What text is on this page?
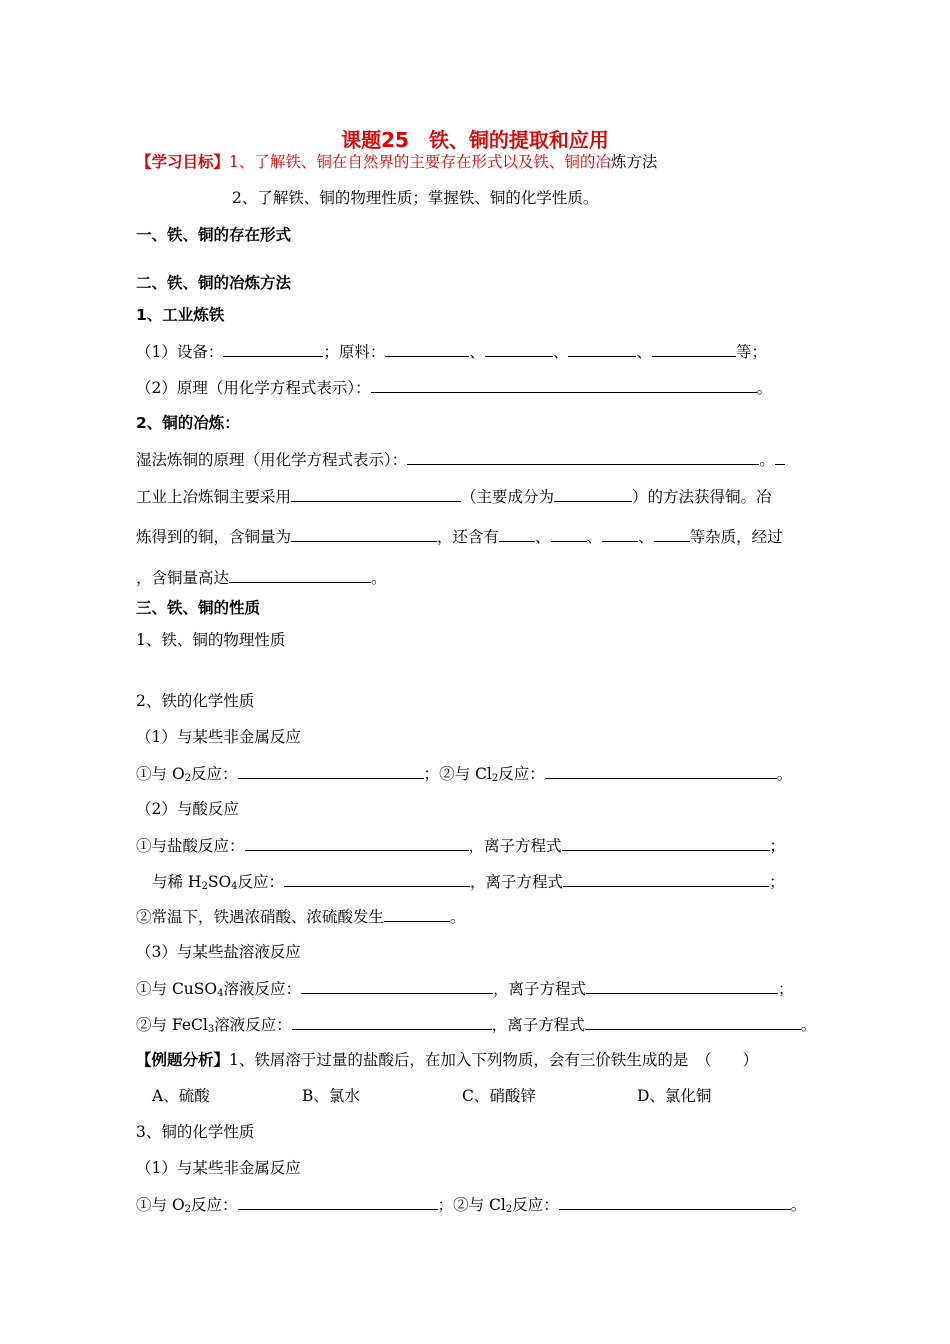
课题25　铁、铜的提取和应用
【学习目标】1、了解铁、铜在自然界的主要存在形式以及铁、铜的冶炼方法
2、了解铁、铜的物理性质；掌握铁、铜的化学性质。
一、铁、铜的存在形式
二、铁、铜的冶炼方法
1、工业炼铁
（1）设备：	；原料：	、	、	、	等；
（2）原理（用化学方程式表示）：	。
2、铜的冶炼：
湿法炼铜的原理（用化学方程式表示）：	。
工业上冶炼铜主要采用	（主要成分为	）的方法获得铜。冶
炼得到的铜，含铜量为	，还含有 、 、 、 等杂质，经过
，含铜量高达	。
三、铁、铜的性质
1、铁、铜的物理性质
2、铁的化学性质
（1）与某些非金属反应
①与 $O_2$反应：	；②与 $Cl_2$反应：	。
（2）与酸反应
①与盐酸反应：	，离子方程式	；
与稀 $H_2SO_4$反应：	，离子方程式	；
②常温下，铁遇浓硝酸、浓硫酸发生	。
（3）与某些盐溶液反应
①与 CuSO$_4$溶液反应：	，离子方程式	；
②与 FeCl$_3$溶液反应：	，离子方程式	。
【例题分析】1、铁屑溶于过量的盐酸后，在加入下列物质，会有三价铁生成的是　（　　）
A、硫酸	B、氯水	C、硝酸锌	D、氯化铜
3、铜的化学性质
（1）与某些非金属反应
①与 $O_2$反应：	；②与 $Cl_2$反应：	。
